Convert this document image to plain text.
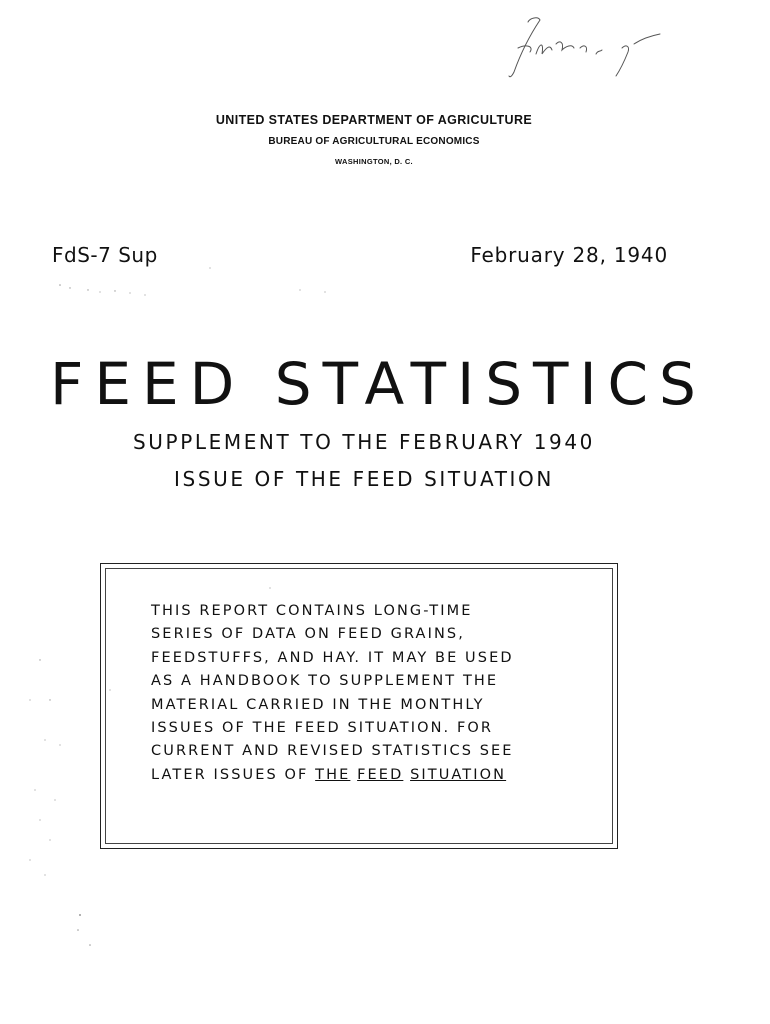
UNITED STATES DEPARTMENT OF AGRICULTURE
BUREAU OF AGRICULTURAL ECONOMICS
WASHINGTON, D. C.
FdS-7 Sup	February 28, 1940
FEED STATISTICS
SUPPLEMENT TO THE FEBRUARY 1940
ISSUE OF THE FEED SITUATION
THIS REPORT CONTAINS LONG-TIME
SERIES OF DATA ON FEED GRAINS,
FEEDSTUFFS, AND HAY. IT MAY BE USED
AS A HANDBOOK TO SUPPLEMENT THE
MATERIAL CARRIED IN THE MONTHLY
ISSUES OF THE FEED SITUATION. FOR
CURRENT AND REVISED STATISTICS SEE
LATER ISSUES OF THE FEED SITUATION
